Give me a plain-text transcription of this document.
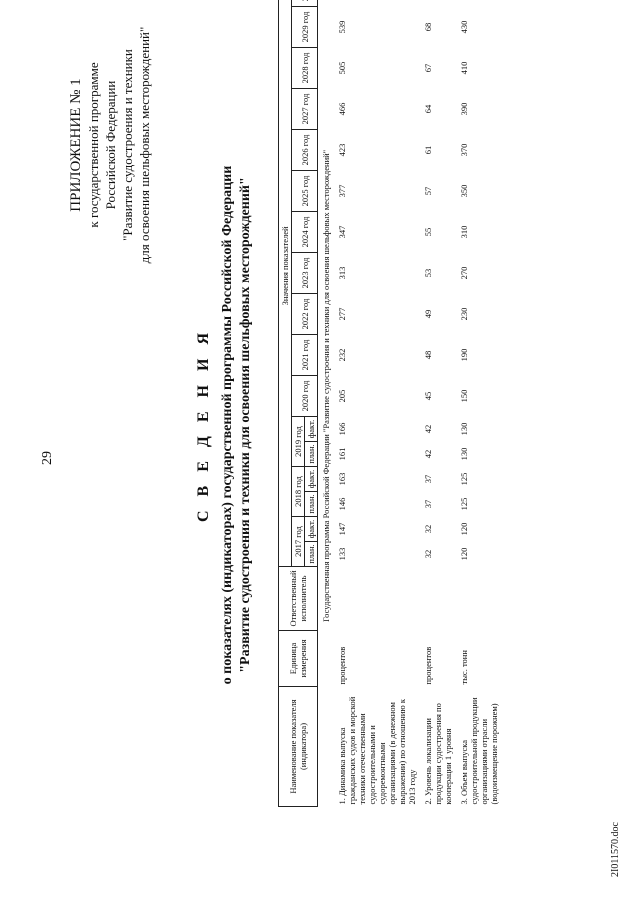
2I011570.doc
29
ПРИЛОЖЕНИЕ № 1 к государственной программе Российской Федерации "Развитие судостроения и техники для освоения шельфовых месторождений"
С В Е Д Е Н И Я о показателях (индикаторах) государственной программы Российской Федерации "Развитие судостроения и техники для освоения шельфовых месторождений"
Наименование показателя (индикатора)	Единица измерения	Ответственный исполнитель	Значения показателей																
			2017 год		2018 год		2019 год		2020 год	2021 год	2022 год	2023 год	2024 год	2025 год	2026 год	2027 год	2028 год	2029 год	
			план.	факт.	план.	факт.	план.	факт.											
Государственная программа Российской Федерации "Развитие судостроения и техники для освоения шельфовых месторождений"																			
1. Динамика выпуска гражданских судов и морской техники отечественными судостроительными и судоремонтными организациями (в денежном выражении) по отношению к 2013 году	процентов		133	147	146	163	161	166	205	232	277	313	347	377	423	466	505	539	
2. Уровень локализации продукции судостроения по кооперации 1 уровня	процентов		32	32	37	37	42	42	45	48	49	53	55	57	61	64	67	68	
3. Объем выпуска судостроительной продукции организациями отрасли (водоизмещение порожнем)	тыс. тонн		120	120	125	125	130	130	150	190	230	270	310	350	370	390	410	430	
